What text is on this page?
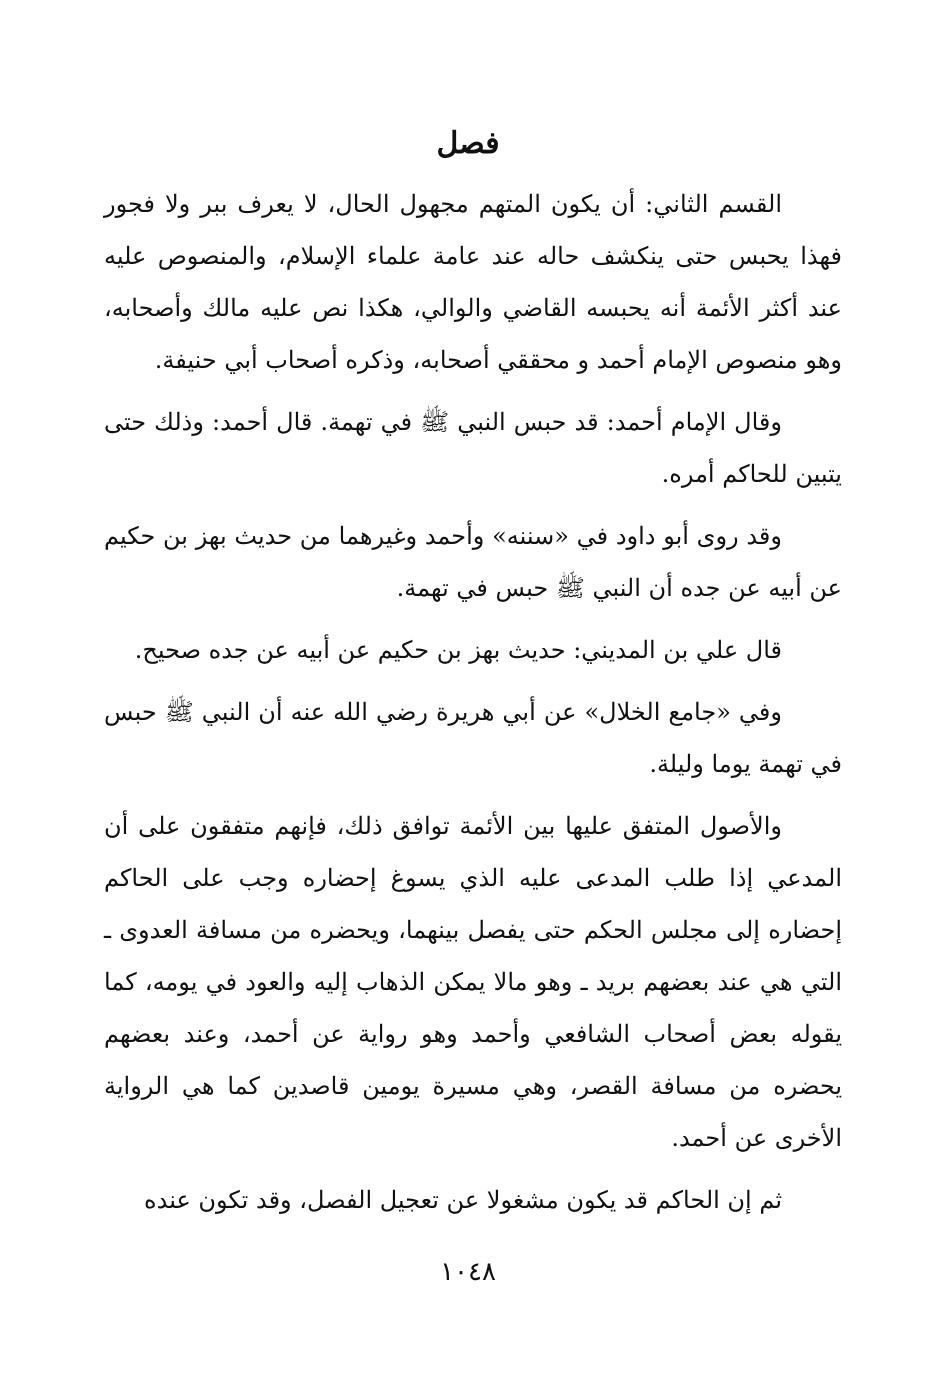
فصل

القسم الثاني: أن يكون المتهم مجهول الحال، لا يعرف ببر ولا فجور فهذا يحبس حتى ينكشف حاله عند عامة علماء الإسلام، والمنصوص عليه عند أكثر الأئمة أنه يحبسه القاضي والوالي، هكذا نص عليه مالك وأصحابه، وهو منصوص الإمام أحمد و محققي أصحابه، وذكره أصحاب أبي حنيفة.

وقال الإمام أحمد: قد حبس النبي ﷺ في تهمة. قال أحمد: وذلك حتى يتبين للحاكم أمره.

وقد روى أبو داود في «سننه» وأحمد وغيرهما من حديث بهز بن حكيم عن أبيه عن جده أن النبي ﷺ حبس في تهمة.

قال علي بن المديني: حديث بهز بن حكيم عن أبيه عن جده صحيح.

وفي «جامع الخلال» عن أبي هريرة رضي الله عنه أن النبي ﷺ حبس في تهمة يوما وليلة.

والأصول المتفق عليها بين الأئمة توافق ذلك، فإنهم متفقون على أن المدعي إذا طلب المدعى عليه الذي يسوغ إحضاره وجب على الحاكم إحضاره إلى مجلس الحكم حتى يفصل بينهما، ويحضره من مسافة العدوى ـ التي هي عند بعضهم بريد ـ وهو مالا يمكن الذهاب إليه والعود في يومه، كما يقوله بعض أصحاب الشافعي وأحمد وهو رواية عن أحمد، وعند بعضهم يحضره من مسافة القصر، وهي مسيرة يومين قاصدين كما هي الرواية الأخرى عن أحمد.

ثم إن الحاكم قد يكون مشغولا عن تعجيل الفصل، وقد تكون عنده

١٠٤٨
